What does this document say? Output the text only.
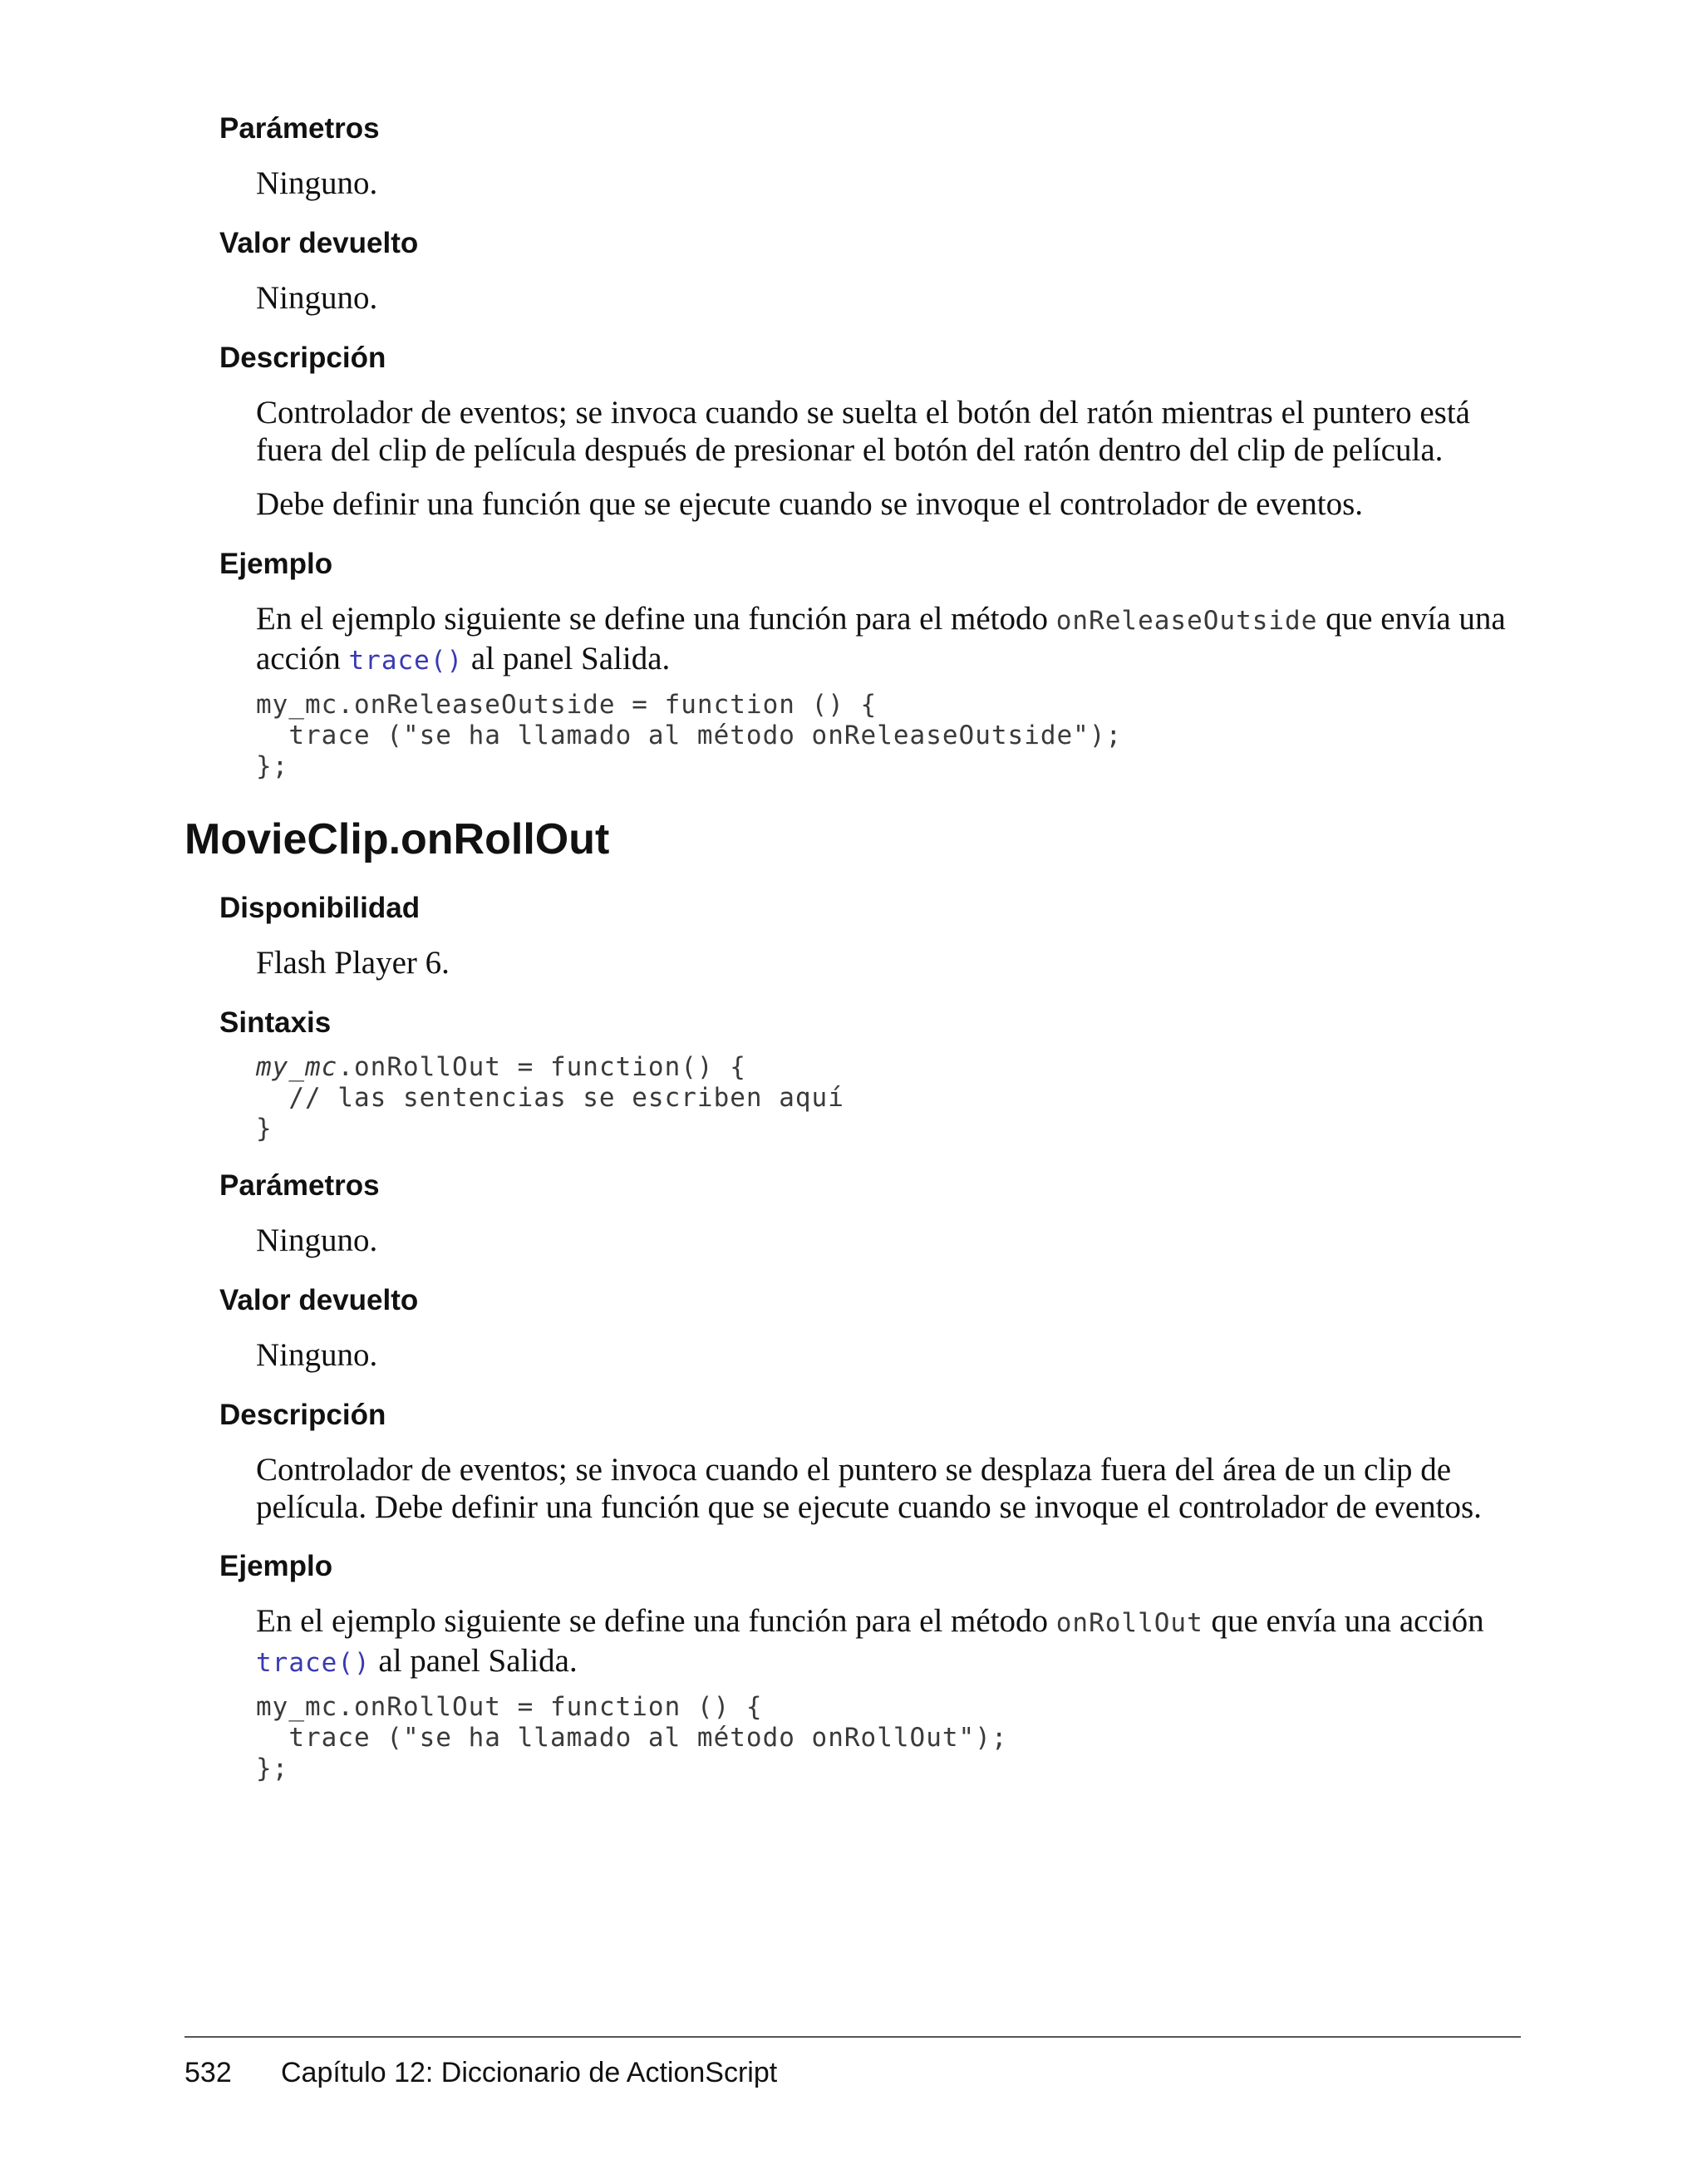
Parámetros

Ninguno.

Valor devuelto

Ninguno.

Descripción

Controlador de eventos; se invoca cuando se suelta el botón del ratón mientras el puntero está fuera del clip de película después de presionar el botón del ratón dentro del clip de película.

Debe definir una función que se ejecute cuando se invoque el controlador de eventos.

Ejemplo

En el ejemplo siguiente se define una función para el método onReleaseOutside que envía una acción trace() al panel Salida.

my_mc.onReleaseOutside = function () {
trace ("se ha llamado al método onReleaseOutside");
};
MovieClip.onRollOut
Disponibilidad

Flash Player 6.

Sintaxis
my_mc.onRollOut = function() {
// las sentencias se escriben aquí
}
Parámetros

Ninguno.

Valor devuelto

Ninguno.

Descripción

Controlador de eventos; se invoca cuando el puntero se desplaza fuera del área de un clip de película. Debe definir una función que se ejecute cuando se invoque el controlador de eventos.

Ejemplo

En el ejemplo siguiente se define una función para el método onRollOut que envía una acción trace() al panel Salida.

my_mc.onRollOut = function () {
trace ("se ha llamado al método onRollOut");
};
532 Capítulo 12: Diccionario de ActionScript
